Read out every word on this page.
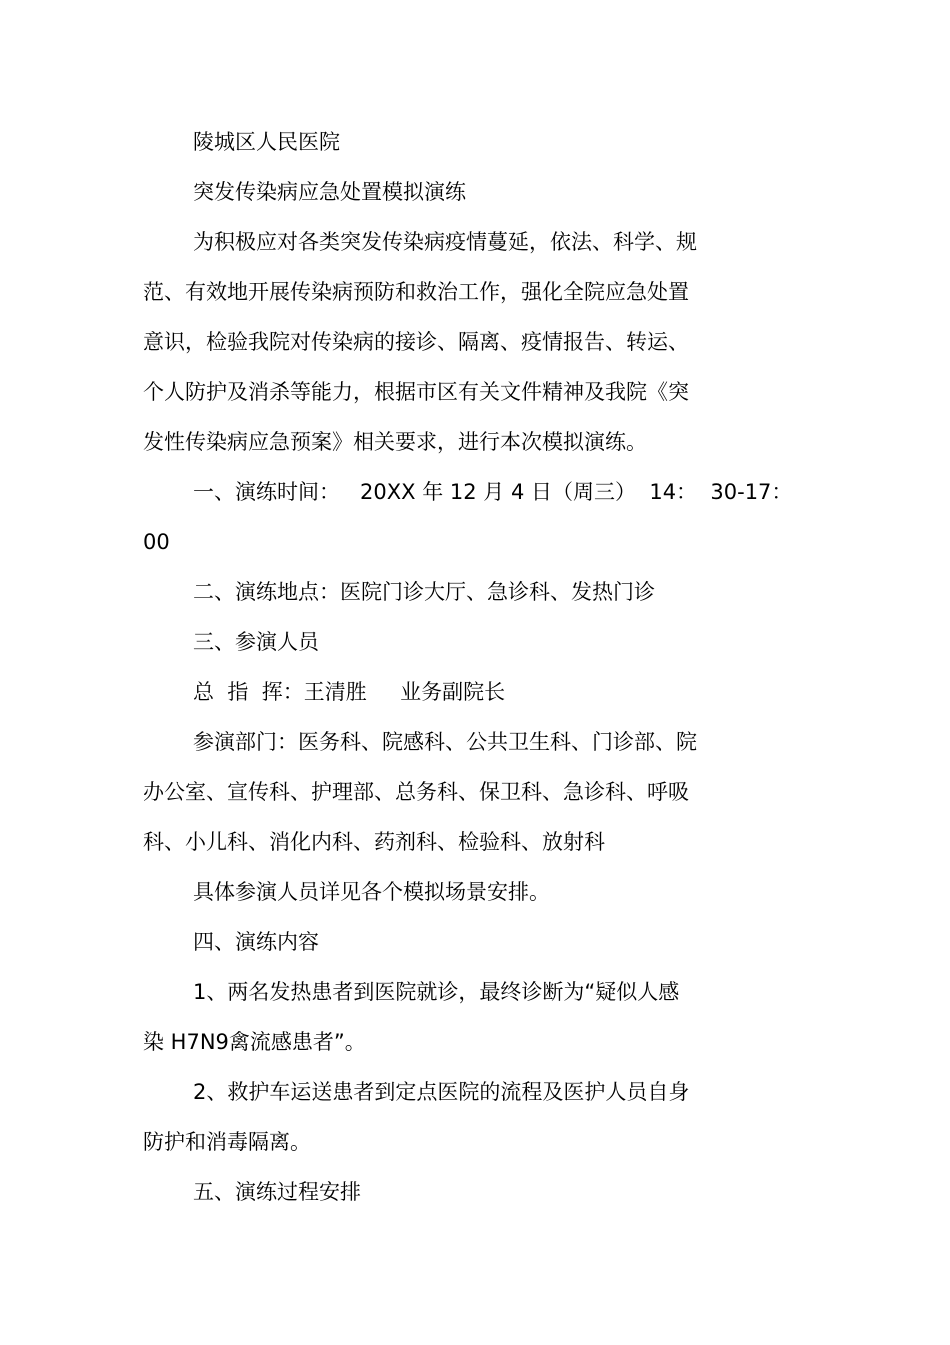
陵城区人民医院

突发传染病应急处置模拟演练

为积极应对各类突发传染病疫情蔓延，依法、科学、规

范、有效地开展传染病预防和救治工作，强化全院应急处置

意识，检验我院对传染病的接诊、隔离、疫情报告、转运、

个人防护及消杀等能力，根据市区有关文件精神及我院《突

发性传染病应急预案》相关要求，进行本次模拟演练。

一、演练时间：   20XX 年 12 月 4 日（周三）  14：  30-17：

00

二、演练地点：医院门诊大厅、急诊科、发热门诊

三、参演人员

总  指  挥：王清胜     业务副院长

参演部门：医务科、院感科、公共卫生科、门诊部、院

办公室、宣传科、护理部、总务科、保卫科、急诊科、呼吸

科、小儿科、消化内科、药剂科、检验科、放射科

具体参演人员详见各个模拟场景安排。

四、演练内容

1、两名发热患者到医院就诊，最终诊断为“疑似人感

染 H7N9禽流感患者”。

2、救护车运送患者到定点医院的流程及医护人员自身

防护和消毒隔离。

五、演练过程安排
